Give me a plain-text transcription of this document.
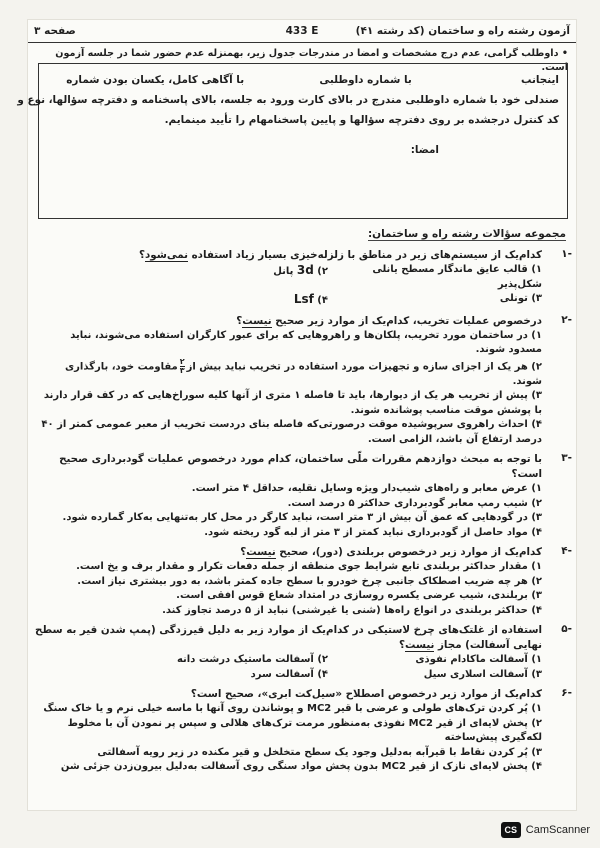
آزمون رشته راه و ساختمان (کد رشته ۴۱)
433 E
صفحه ۳
• داوطلب گرامی، عدم درج مشخصات و امضا در مندرجات جدول زیر، بهمنزله عدم حضور شما در جلسه آزمون است.
اینجانب  با شماره داوطلبی  با آگاهی کامل، یکسان بودن شماره
صندلی خود با شماره داوطلبی مندرج در بالای کارت ورود به جلسه، بالای پاسخنامه و دفترچه سؤالها، نوع و
کد کنترل درجشده بر روی دفترچه سؤالها و پایین پاسخنامهام را تأیید مینمایم.
امضا:
مجموعه سؤالات رشته راه و ساختمان:
-۱
کدام‌یک از سیستم‌های زیر در مناطق با زلزله‌خیزی بسیار زیاد استفاده نمی‌شود؟
۱) قالب عایق ماندگار مسطح یا‌نلی شکل‌پذیر
۲) 3d پانل
۳) تونلی
۴) Lsf
-۲
درخصوص عملیات تخریب، کدام‌یک از موارد زیر صحیح نیست؟
۱) در ساختمان مورد تخریب، پلکان‌ها و راهروهایی که برای عبور کارگران استفاده می‌شوند، نباید مسدود شوند.
۲) هر یک از اجزای سازه و تجهیزات مورد استفاده در تخریب نباید بیش از
$\frac{۲}{۳}$
مقاومت خود، بارگذاری شوند.
۳) پیش از تخریب هر یک از دیوارها، باید تا فاصله ۱ متری از آنها کلیه سوراخ‌هایی که در کف قرار دارند با پوشش موقت مناسب پوشانده شوند.
۴) احداث راهروی سرپوشیده موقت درصورتی‌که فاصله بنای دردست تخریب از معبر عمومی کمتر از ۴۰ درصد ارتفاع آن باشد، الزامی است.
-۳
با توجه به مبحث دوازدهم مقررات ملّی ساختمان، کدام مورد درخصوص عملیات گودبرداری صحیح است؟
۱) عرض معابر و راه‌های شیب‌دار ویژه وسایل نقلیه، حداقل ۴ متر است.
۲) شیب رمپ معابر گودبرداری حداکثر ۵ درصد است.
۳) در گودهایی که عمق آن بیش از ۳ متر است، نباید کارگر در محل کار به‌تنهایی به‌کار گمارده شود.
۴) مواد حاصل از گودبرداری نباید کمتر از ۳ متر از لبه گود ریخته شود.
-۴
کدام‌یک از موارد زیر درخصوص بربلندی (دور)، صحیح نیست؟
۱) مقدار حداکثر بربلندی تابع شرایط جوی منطقه از جمله دفعات تکرار و مقدار برف و یخ است.
۲) هر چه ضریب اصطکاک جانبی چرخ خودرو با سطح جاده کمتر باشد، به دور بیشتری نیاز است.
۳) بربلندی، شیب عرضی یکسره روسازی در امتداد شعاع قوس افقی است.
۴) حداکثر بربلندی در انواع راه‌ها (شنی یا غیرشنی) نباید از ۵ درصد تجاوز کند.
-۵
استفاده از غلتک‌های چرخ لاستیکی در کدام‌یک از موارد زیر به دلیل قیرزدگی (پمپ شدن قیر به سطح نهایی آسفالت) مجاز نیست؟
۱) آسفالت ماکادام نفوذی
۲) آسفالت ماستیک درشت دانه
۳) آسفالت اسلاری سیل
۴) آسفالت سرد
-۶
کدام‌یک از موارد زیر درخصوص اصطلاح «سیل‌کت ابری»، صحیح است؟
۱) پُر کردن ترک‌های طولی و عرضی با قیر MC2 و پوشاندن روی آنها با ماسه خیلی نرم و یا خاک سنگ
۲) پخش لایه‌ای از قیر MC2 نفوذی به‌منظور مرمت ترک‌های هلالی و سپس پر نمودن آن با مخلوط لکه‌گیری پیش‌ساخته
۳) پُر کردن نقاط با قیرآبه به‌دلیل وجود یک سطح متخلخل و قیر مکنده در زیر رویه آسفالتی
۴) پخش لایه‌ای نازک از قیر MC2 بدون پخش مواد سنگی روی آسفالت به‌دلیل بیرون‌زدن جزئی شن
CS CamScanner
